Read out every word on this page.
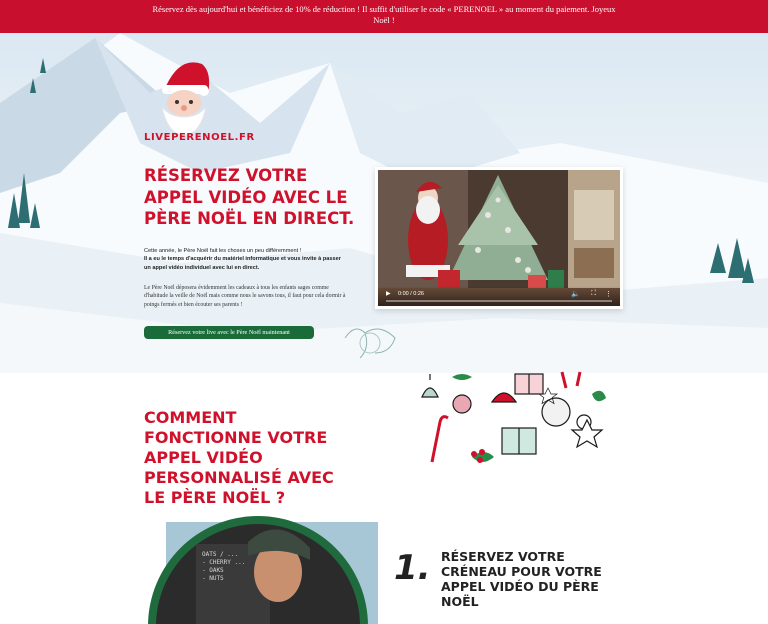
Réservez dès aujourd'hui et bénéficiez de 10% de réduction ! Il suffit d'utiliser le code « PERENOEL » au moment du paiement. Joyeux Noël !
LIVEPERENOEL.FR
RÉSERVEZ VOTRE APPEL VIDÉO AVEC LE PÈRE NOËL EN DIRECT.
Cette année, le Père Noël fait les choses un peu différemment !
Il a eu le temps d'acquérir du matériel informatique et vous invite à passer un appel vidéo individuel avec lui en direct.
Le Père Noël déposera évidemment les cadeaux à tous les enfants sages comme d'habitude la veille de Noël mais comme nous le savons tous, il faut pour cela dormir à poings fermés et bien écouter ses parents !
Réservez votre live avec le Père Noël maintenant
▶ 0:00 / 0:26	🔈 ⛶ ⋮
COMMENT FONCTIONNE VOTRE APPEL VIDÉO PERSONNALISÉ AVEC LE PÈRE NOËL ?
OATS / ...
- CHERRY ...
- OAKS
- NUTS	1. RÉSERVEZ VOTRE CRÉNEAU POUR VOTRE APPEL VIDÉO DU PÈRE NOËL
